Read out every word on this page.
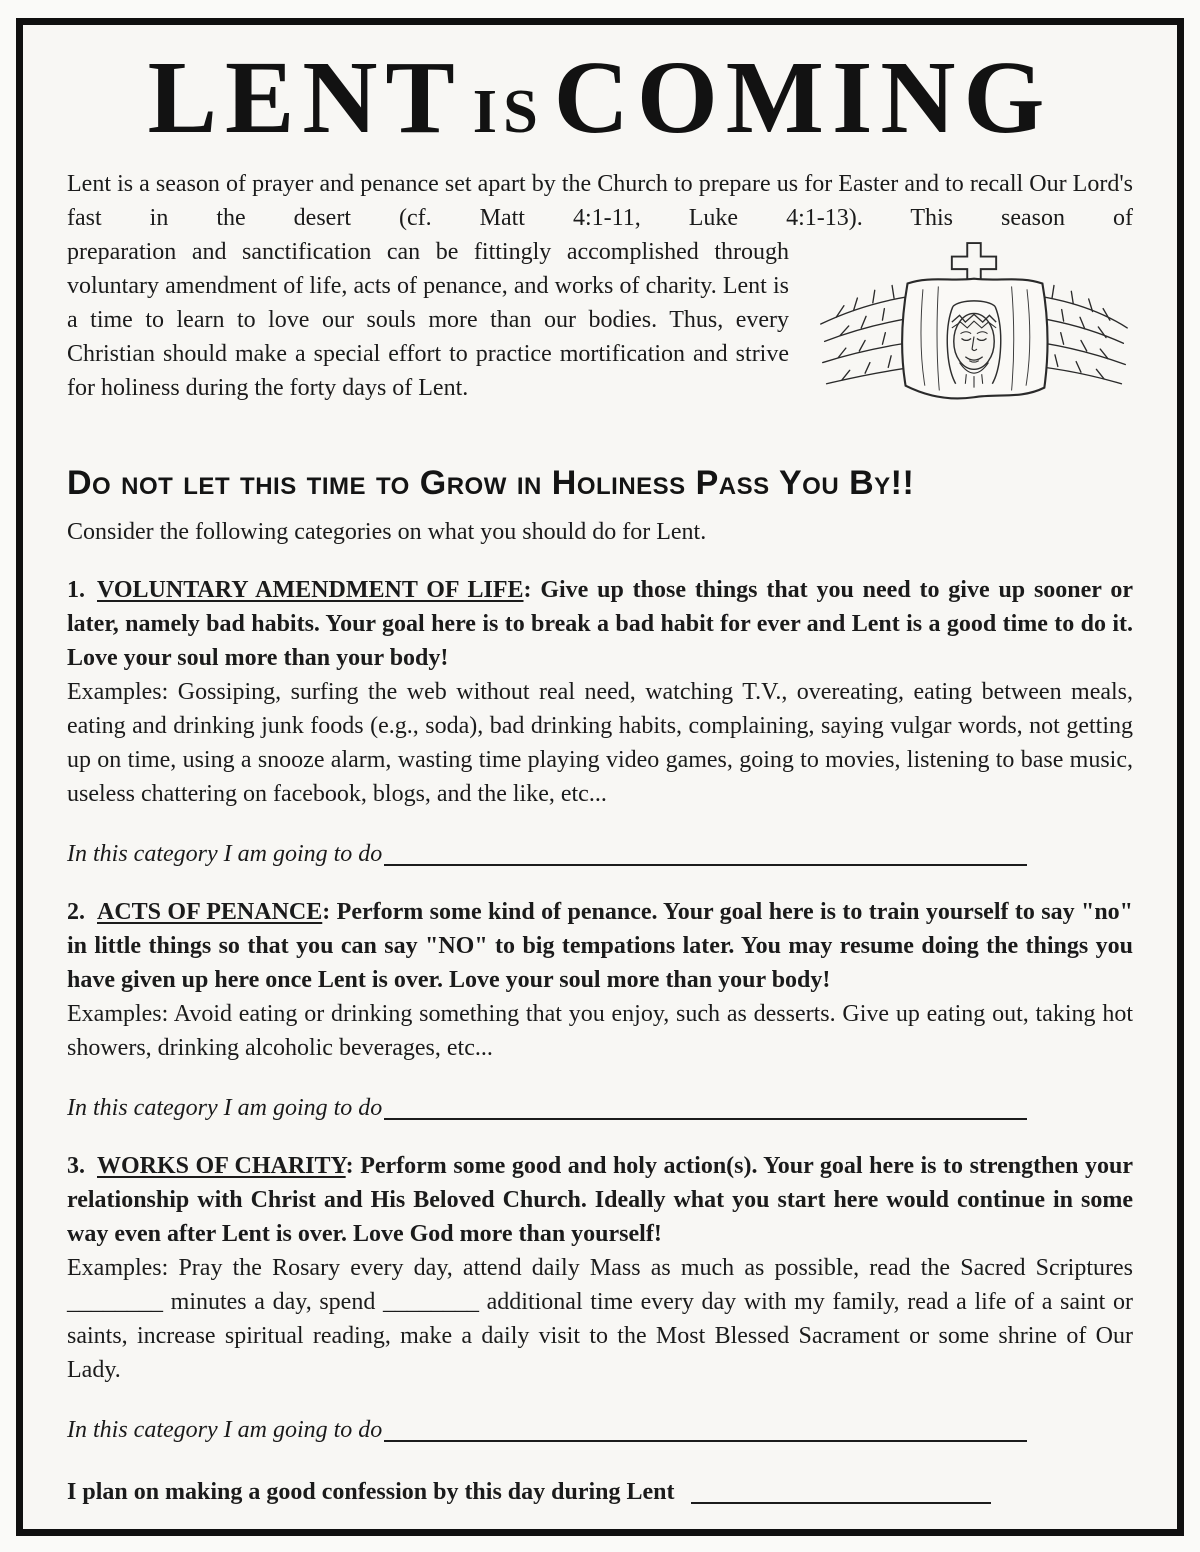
LENT ISCOMING

Lent is a season of prayer and penance set apart by the Church to prepare us for Easter and to recall Our Lord's fast in the desert (cf. Matt 4:1-11, Luke 4:1-13). This season of

preparation and sanctification can be fittingly accomplished through voluntary amendment of life, acts of penance, and works of charity. Lent is a time to learn to love our souls more than our bodies. Thus, every Christian should make a special effort to practice mortification and strive for holiness during the forty days of Lent.

Do not let this time to Grow in Holiness Pass You By!!

Consider the following categories on what you should do for Lent.

1. VOLUNTARY AMENDMENT OF LIFE: Give up those things that you need to give up sooner or later, namely bad habits. Your goal here is to break a bad habit for ever and Lent is a good time to do it. Love your soul more than your body!

Examples: Gossiping, surfing the web without real need, watching T.V., overeating, eating between meals, eating and drinking junk foods (e.g., soda), bad drinking habits, complaining, saying vulgar words, not getting up on time, using a snooze alarm, wasting time playing video games, going to movies, listening to base music, useless chattering on facebook, blogs, and the like, etc...

In this category I am going to do

2. ACTS OF PENANCE: Perform some kind of penance. Your goal here is to train yourself to say "no" in little things so that you can say "NO" to big tempations later. You may resume doing the things you have given up here once Lent is over. Love your soul more than your body!

Examples: Avoid eating or drinking something that you enjoy, such as desserts. Give up eating out, taking hot showers, drinking alcoholic beverages, etc...

In this category I am going to do

3. WORKS OF CHARITY: Perform some good and holy action(s). Your goal here is to strengthen your relationship with Christ and His Beloved Church. Ideally what you start here would continue in some way even after Lent is over. Love God more than yourself!

Examples: Pray the Rosary every day, attend daily Mass as much as possible, read the Sacred Scriptures ________ minutes a day, spend ________ additional time every day with my family, read a life of a saint or saints, increase spiritual reading, make a daily visit to the Most Blessed Sacrament or some shrine of Our Lady.

In this category I am going to do
I plan on making a good confession by this day during Lent
